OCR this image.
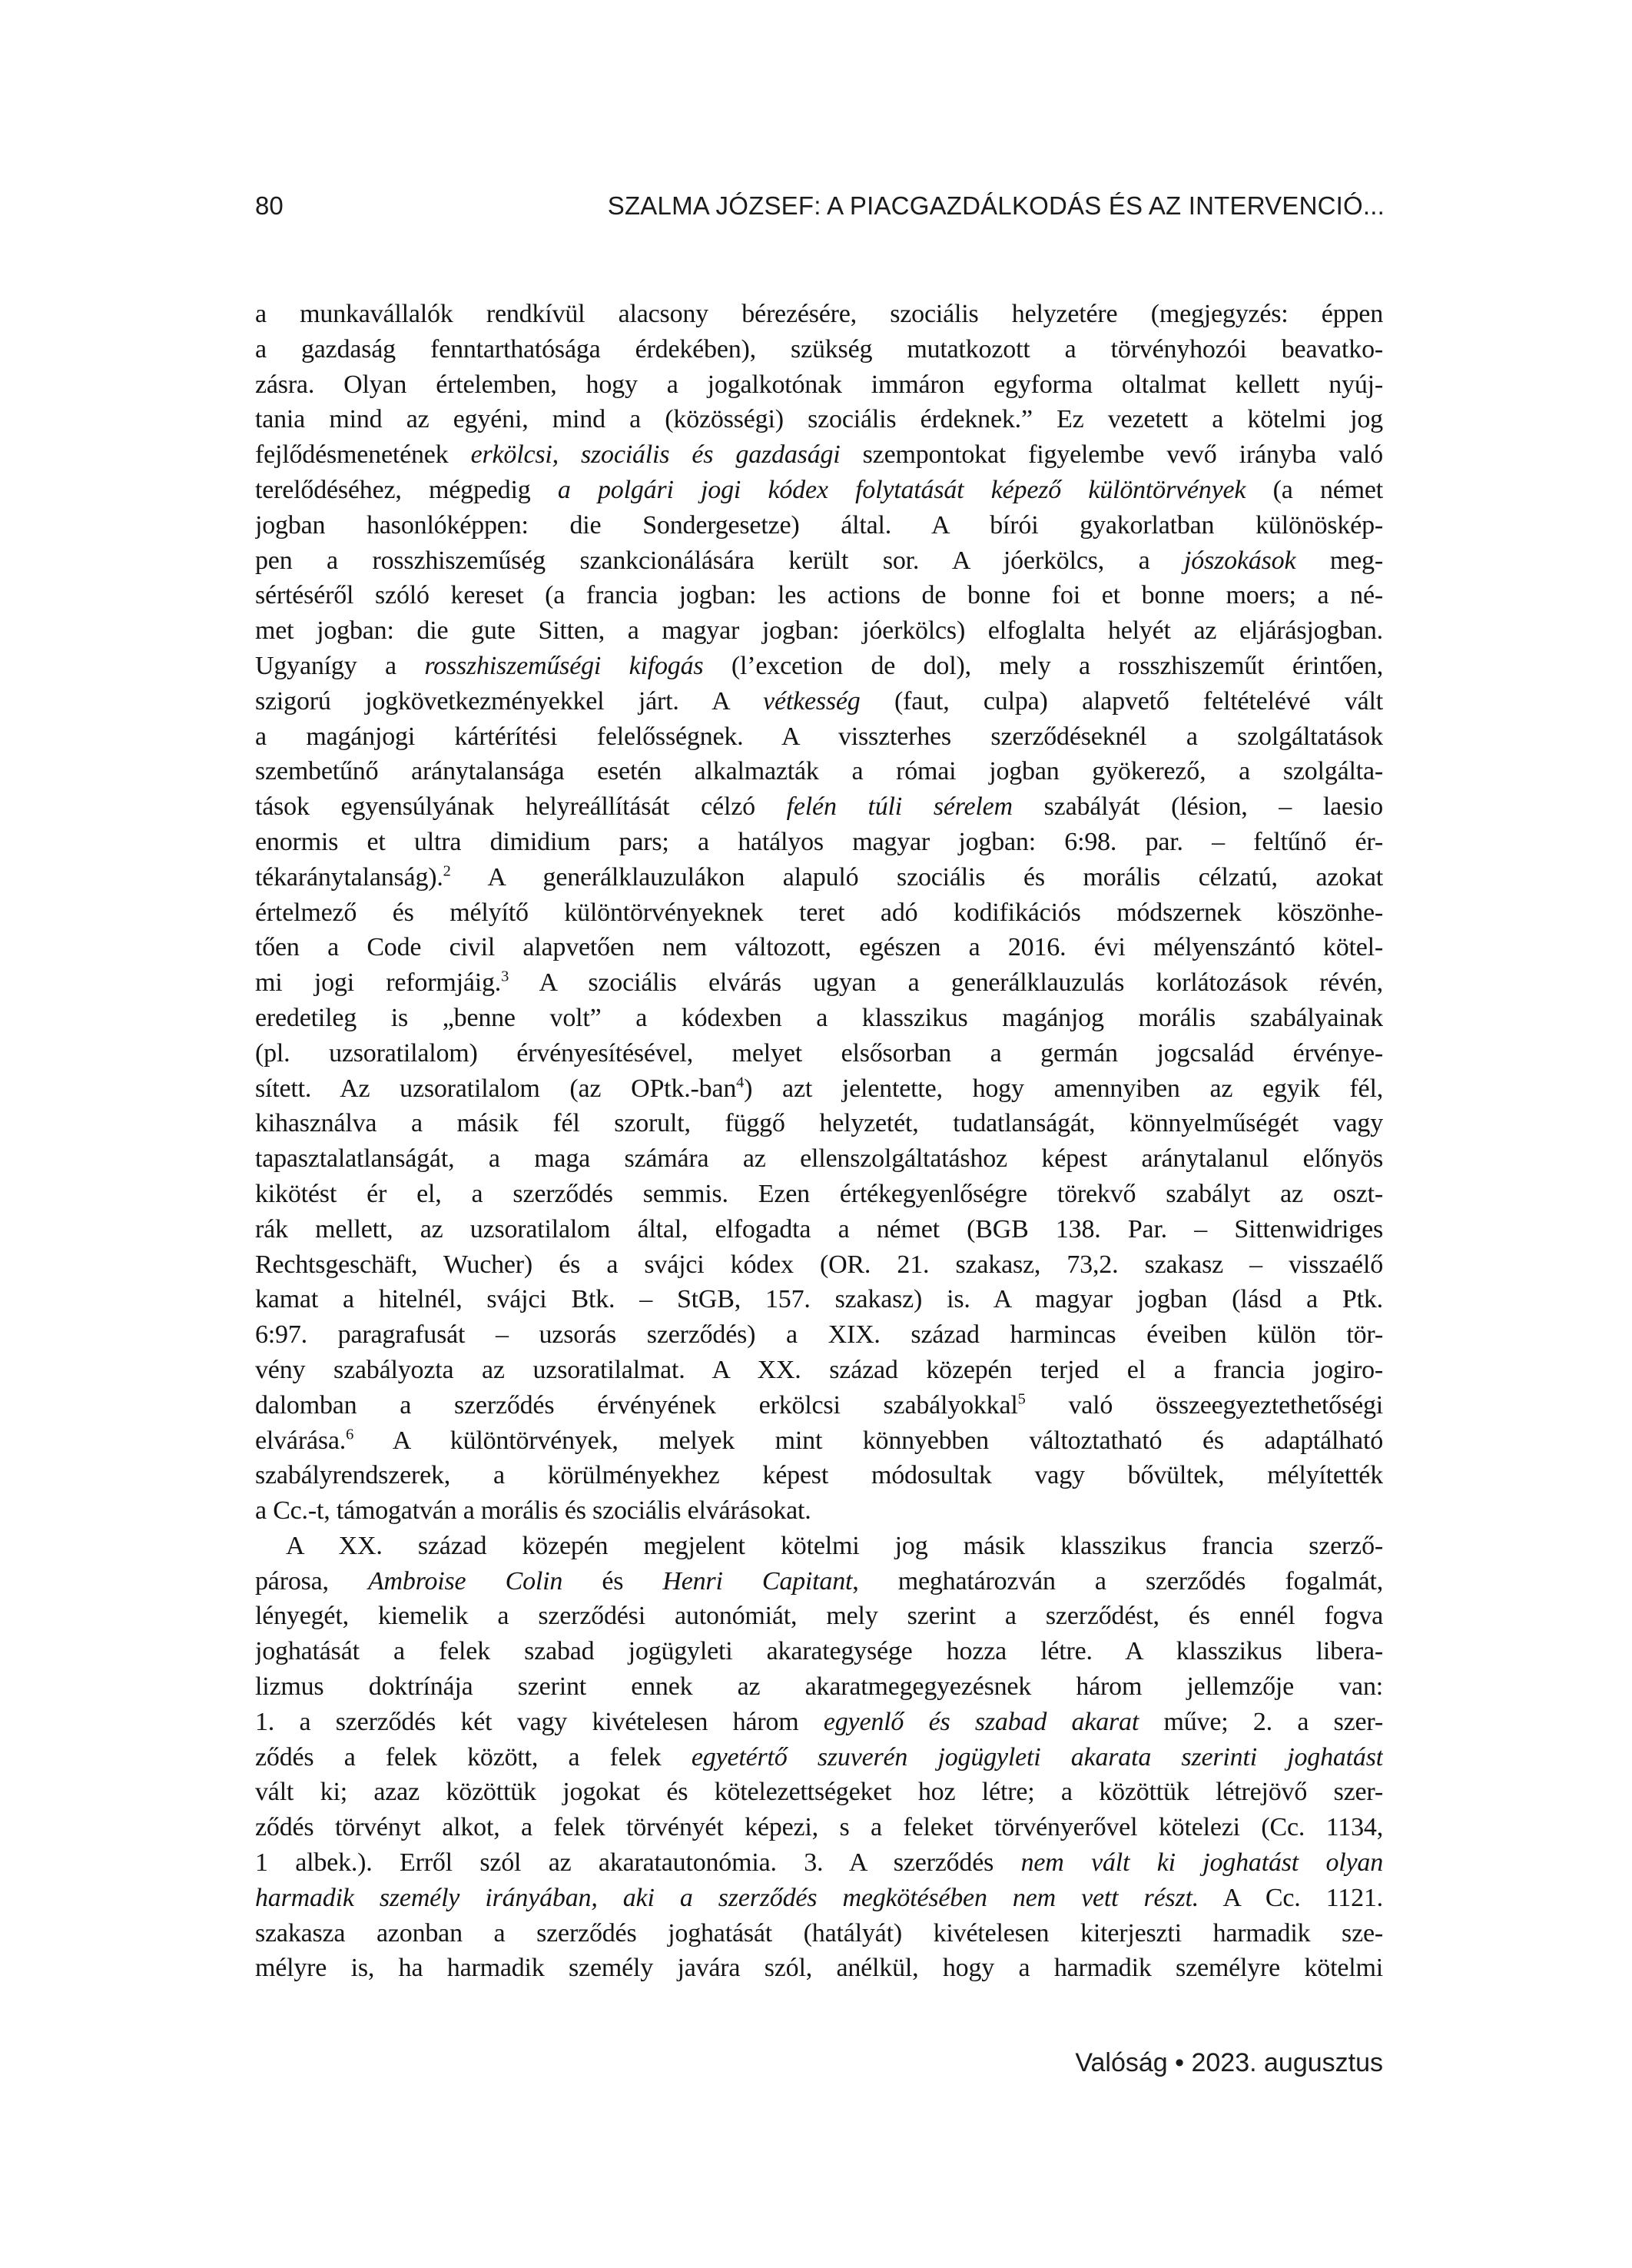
80	SZALMA JÓZSEF: A PIACGAZDÁLKODÁS ÉS AZ INTERVENCIÓ...
a munkavállalók rendkívül alacsony bérezésére, szociális helyzetére (megjegyzés: éppen
a gazdaság fenntarthatósága érdekében), szükség mutatkozott a törvényhozói beavatko-
zásra. Olyan értelemben, hogy a jogalkotónak immáron egyforma oltalmat kellett nyúj-
tania mind az egyéni, mind a (közösségi) szociális érdeknek.” Ez vezetett a kötelmi jog
fejlődésmenetének erkölcsi, szociális és gazdasági szempontokat figyelembe vevő irányba való
terelődéséhez, mégpedig a polgári jogi kódex folytatását képező különtörvények (a német
jogban hasonlóképpen: die Sondergesetze) által. A bírói gyakorlatban különöskép-
pen a rosszhiszeműség szankcionálására került sor. A jóerkölcs, a jószokások meg-
sértéséről szóló kereset (a francia jogban: les actions de bonne foi et bonne moers; a né-
met jogban: die gute Sitten, a magyar jogban: jóerkölcs) elfoglalta helyét az eljárásjogban.
Ugyanígy a rosszhiszeműségi kifogás (l’excetion de dol), mely a rosszhiszeműt érintően,
szigorú jogkövetkezményekkel járt. A vétkesség (faut, culpa) alapvető feltételévé vált
a magánjogi kártérítési felelősségnek. A visszterhes szerződéseknél a szolgáltatások
szembetűnő aránytalansága esetén alkalmazták a római jogban gyökerező, a szolgálta-
tások egyensúlyának helyreállítását célzó felén túli sérelem szabályát (lésion, – laesio
enormis et ultra dimidium pars; a hatályos magyar jogban: 6:98. par. – feltűnő ér-
tékaránytalanság).$^2$ A generálklauzulákon alapuló szociális és morális célzatú, azokat
értelmező és mélyítő különtörvényeknek teret adó kodifikációs módszernek köszönhe-
tően a Code civil alapvetően nem változott, egészen a 2016. évi mélyenszántó kötel-
mi jogi reformjáig.$^3$ A szociális elvárás ugyan a generálklauzulás korlátozások révén,
eredetileg is „benne volt” a kódexben a klasszikus magánjog morális szabályainak
(pl. uzsoratilalom) érvényesítésével, melyet elsősorban a germán jogcsalád érvénye-
sített. Az uzsoratilalom (az OPtk.-ban$^4$) azt jelentette, hogy amennyiben az egyik fél,
kihasználva a másik fél szorult, függő helyzetét, tudatlanságát, könnyelműségét vagy
tapasztalatlanságát, a maga számára az ellenszolgáltatáshoz képest aránytalanul előnyös
kikötést ér el, a szerződés semmis. Ezen értékegyenlőségre törekvő szabályt az oszt-
rák mellett, az uzsoratilalom által, elfogadta a német (BGB 138. Par. – Sittenwidriges
Rechtsgeschäft, Wucher) és a svájci kódex (OR. 21. szakasz, 73,2. szakasz – visszaélő
kamat a hitelnél, svájci Btk. – StGB, 157. szakasz) is. A magyar jogban (lásd a Ptk.
6:97. paragrafusát – uzsorás szerződés) a XIX. század harmincas éveiben külön tör-
vény szabályozta az uzsoratilalmat. A XX. század közepén terjed el a francia jogiro-
dalomban a szerződés érvényének erkölcsi szabályokkal$^5$ való összeegyeztethetőségi
elvárása.$^6$ A különtörvények, melyek mint könnyebben változtatható és adaptálható
szabályrendszerek, a körülményekhez képest módosultak vagy bővültek, mélyítették
a Cc.-t, támogatván a morális és szociális elvárásokat.
A XX. század közepén megjelent kötelmi jog másik klasszikus francia szerző-
párosa, Ambroise Colin és Henri Capitant, meghatározván a szerződés fogalmát,
lényegét, kiemelik a szerződési autonómiát, mely szerint a szerződést, és ennél fogva
joghatását a felek szabad jogügyleti akarategysége hozza létre. A klasszikus libera-
lizmus doktrínája szerint ennek az akaratmegegyezésnek három jellemzője van:
1. a szerződés két vagy kivételesen három egyenlő és szabad akarat műve; 2. a szer-
ződés a felek között, a felek egyetértő szuverén jogügyleti akarata szerinti joghatást
vált ki; azaz közöttük jogokat és kötelezettségeket hoz létre; a közöttük létrejövő szer-
ződés törvényt alkot, a felek törvényét képezi, s a feleket törvényerővel kötelezi (Cc. 1134,
1 albek.). Erről szól az akaratautonómia. 3. A szerződés nem vált ki joghatást olyan
harmadik személy irányában, aki a szerződés megkötésében nem vett részt. A Cc. 1121.
szakasza azonban a szerződés joghatását (hatályát) kivételesen kiterjeszti harmadik sze-
mélyre is, ha harmadik személy javára szól, anélkül, hogy a harmadik személyre kötelmi
Valóság • 2023. augusztus
